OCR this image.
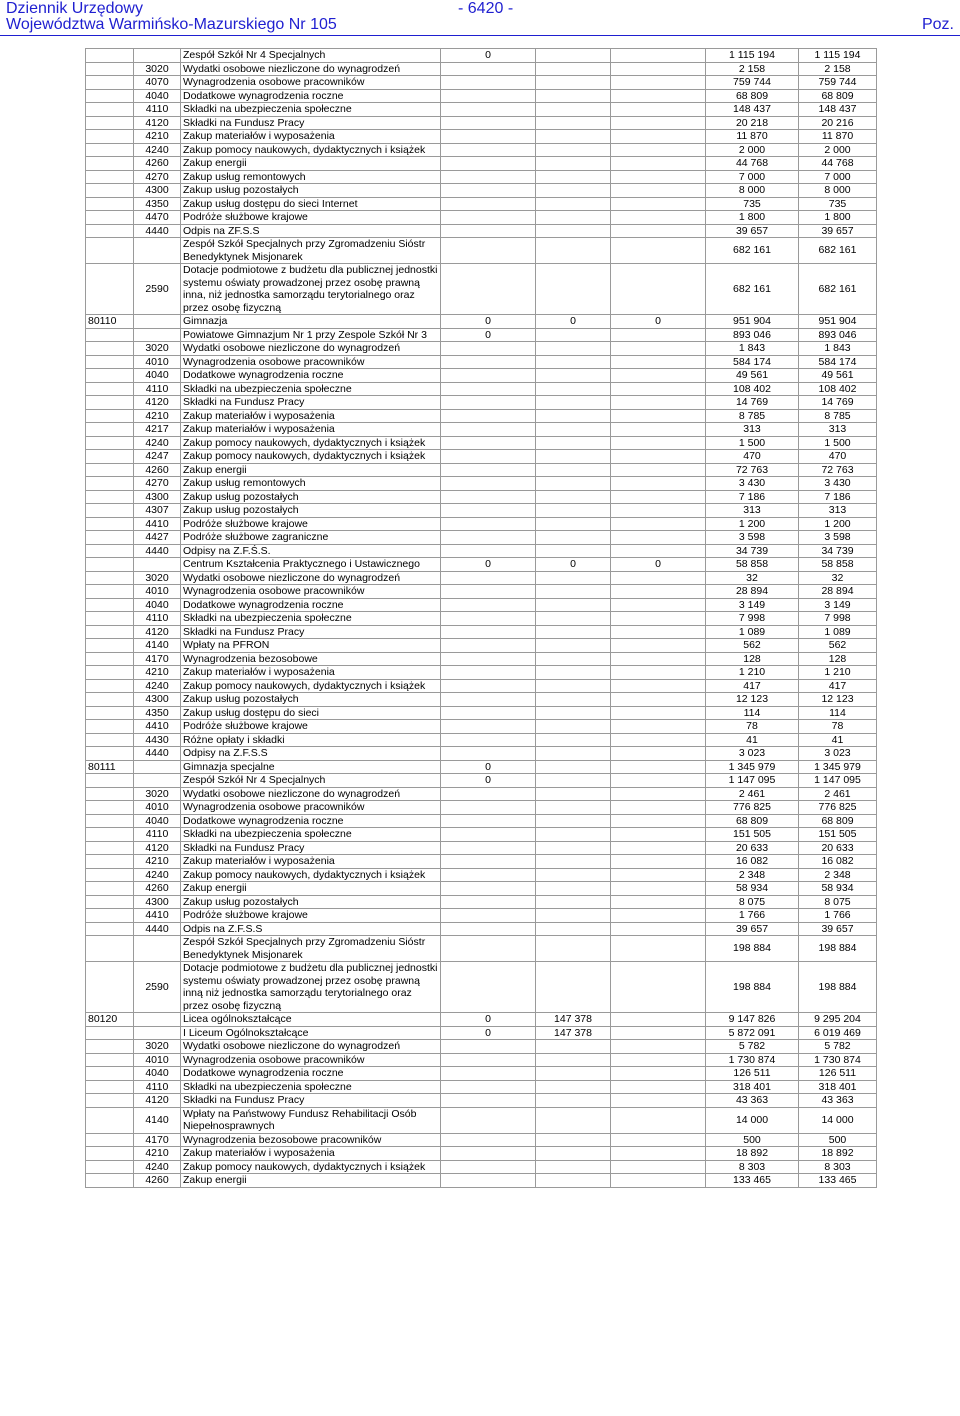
Dziennik Urzędowy
Województwa Warmińsko-Mazurskiego Nr 105
- 6420 -
Poz.
		Zespół Szkół Nr 4 Specjalnych	0			1 115 194	1 115 194
	3020	Wydatki osobowe niezliczone do wynagrodzeń				2 158	2 158
	4070	Wynagrodzenia osobowe pracowników				759 744	759 744
	4040	Dodatkowe wynagrodzenia roczne				68 809	68 809
	4110	Składki na ubezpieczenia społeczne				148 437	148 437
	4120	Składki na Fundusz Pracy				20 218	20 216
	4210	Zakup materiałów i wyposażenia				11 870	11 870
	4240	Zakup pomocy naukowych, dydaktycznych i książek				2 000	2 000
	4260	Zakup energii				44 768	44 768
	4270	Zakup usług remontowych				7 000	7 000
	4300	Zakup usług pozostałych				8 000	8 000
	4350	Zakup usług dostępu do sieci Internet				735	735
	4470	Podróże służbowe krajowe				1 800	1 800
	4440	Odpis na ZF.S.S				39 657	39 657
		Zespół Szkół Specjalnych przy Zgromadzeniu Sióstr Benedyktynek Misjonarek				682 161	682 161
	2590	Dotacje podmiotowe z budżetu dla publicznej jednostki systemu oświaty prowadzonej przez osobę prawną inna, niż jednostka samorządu terytorialnego oraz przez osobę fizyczną				682 161	682 161
80110		Gimnazja	0	0	0	951 904	951 904
		Powiatowe Gimnazjum Nr 1 przy Zespole Szkół Nr 3	0			893 046	893 046
	3020	Wydatki osobowe niezliczone do wynagrodzeń				1 843	1 843
	4010	Wynagrodzenia osobowe pracowników				584 174	584 174
	4040	Dodatkowe wynagrodzenia roczne				49 561	49 561
	4110	Składki na ubezpieczenia społeczne				108 402	108 402
	4120	Składki na Fundusz Pracy				14 769	14 769
	4210	Zakup materiałów i wyposażenia				8 785	8 785
	4217	Zakup materiałów i wyposażenia				313	313
	4240	Zakup pomocy naukowych, dydaktycznych i książek				1 500	1 500
	4247	Zakup pomocy naukowych, dydaktycznych i książek				470	470
	4260	Zakup energii				72 763	72 763
	4270	Zakup usług remontowych				3 430	3 430
	4300	Zakup usług pozostałych				7 186	7 186
	4307	Zakup usług pozostałych				313	313
	4410	Podróże służbowe krajowe				1 200	1 200
	4427	Podróże służbowe zagraniczne				3 598	3 598
	4440	Odpisy na Z.F.Ś.S.				34 739	34 739
		Centrum Kształcenia Praktycznego i Ustawicznego	0	0	0	58 858	58 858
	3020	Wydatki osobowe niezliczone do wynagrodzeń				32	32
	4010	Wynagrodzenia osobowe pracowników				28 894	28 894
	4040	Dodatkowe wynagrodzenia roczne				3 149	3 149
	4110	Składki na ubezpieczenia społeczne				7 998	7 998
	4120	Składki na Fundusz Pracy				1 089	1 089
	4140	Wpłaty na PFRON				562	562
	4170	Wynagrodzenia bezosobowe				128	128
	4210	Zakup materiałów i wyposażenia				1 210	1 210
	4240	Zakup pomocy naukowych, dydaktycznych i książek				417	417
	4300	Zakup usług pozostałych				12 123	12 123
	4350	Zakup usług dostępu do sieci				114	114
	4410	Podróże służbowe krajowe				78	78
	4430	Różne opłaty i składki				41	41
	4440	Odpisy na Z.F.S.S				3 023	3 023
80111		Gimnazja specjalne	0			1 345 979	1 345 979
		Zespół Szkół Nr 4 Specjalnych	0			1 147 095	1 147 095
	3020	Wydatki osobowe niezliczone do wynagrodzeń				2 461	2 461
	4010	Wynagrodzenia osobowe pracowników				776 825	776 825
	4040	Dodatkowe wynagrodzenia roczne				68 809	68 809
	4110	Składki na ubezpieczenia społeczne				151 505	151 505
	4120	Składki na Fundusz Pracy				20 633	20 633
	4210	Zakup materiałów i wyposażenia				16 082	16 082
	4240	Zakup pomocy naukowych, dydaktycznych i książek				2 348	2 348
	4260	Zakup energii				58 934	58 934
	4300	Zakup usług pozostałych				8 075	8 075
	4410	Podróże służbowe krajowe				1 766	1 766
	4440	Odpis na Z.F.S.S				39 657	39 657
		Zespół Szkół Specjalnych przy Zgromadzeniu Sióstr Benedyktynek Misjonarek				198 884	198 884
	2590	Dotacje podmiotowe z budżetu dla publicznej jednostki systemu oświaty prowadzonej przez osobę prawną inną niż jednostka samorządu terytorialnego oraz przez osobę fizyczną				198 884	198 884
80120		Licea ogólnokształcące	0	147 378		9 147 826	9 295 204
		I Liceum Ogólnokształcące	0	147 378		5 872 091	6 019 469
	3020	Wydatki osobowe niezliczone do wynagrodzeń				5 782	5 782
	4010	Wynagrodzenia osobowe pracowników				1 730 874	1 730 874
	4040	Dodatkowe wynagrodzenia roczne				126 511	126 511
	4110	Składki na ubezpieczenia społeczne				318 401	318 401
	4120	Składki na Fundusz Pracy				43 363	43 363
	4140	Wpłaty na Państwowy Fundusz Rehabilitacji Osób Niepełnosprawnych				14 000	14 000
	4170	Wynagrodzenia bezosobowe pracowników				500	500
	4210	Zakup materiałów i wyposażenia				18 892	18 892
	4240	Zakup pomocy naukowych, dydaktycznych i książek				8 303	8 303
	4260	Zakup energii				133 465	133 465
